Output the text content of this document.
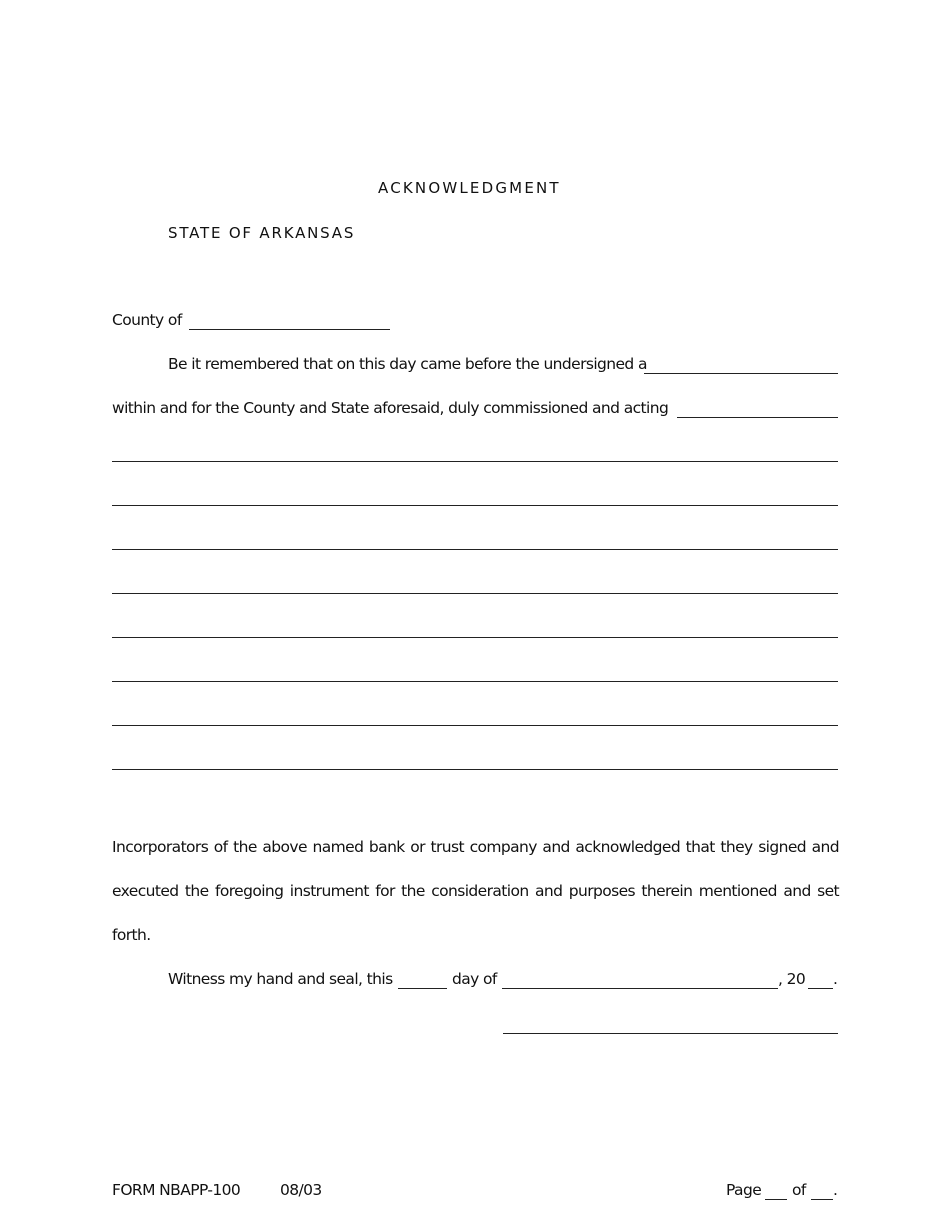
ACKNOWLEDGMENT
STATE OF ARKANSAS
County of
Be it remembered that on this day came before the undersigned a
within and for the County and State aforesaid, duly commissioned and acting
Incorporators of the above named bank or trust company and acknowledged that they signed and
executed the foregoing instrument for the consideration and purposes therein mentioned and set
forth.
Witness my hand and seal, this	day of	, 20 .
FORM NBAPP-100	08/03	Page of .
